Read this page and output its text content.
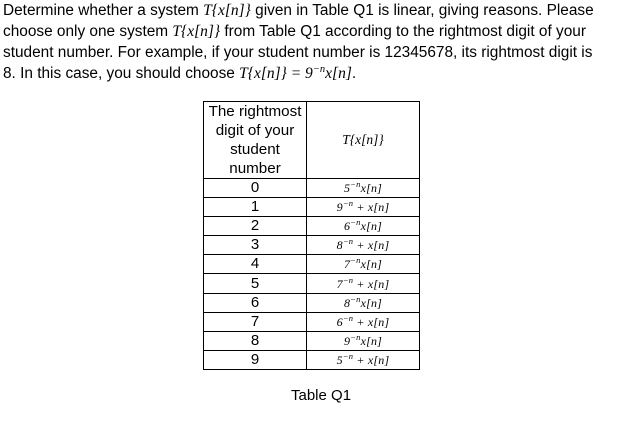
Determine whether a system T{x[n]} given in Table Q1 is linear, giving reasons. Please
choose only one system T{x[n]} from Table Q1 according to the rightmost digit of your
student number. For example, if your student number is 12345678, its rightmost digit is
8. In this case, you should choose $T\{x[n]\} = 9^{-n}x[n]$.
The rightmost digit of your student number	T{x[n]}
0	$5^{-n}x[n]$
1	$9^{-n} + x[n]$
2	$6^{-n}x[n]$
3	$8^{-n} + x[n]$
4	$7^{-n}x[n]$
5	$7^{-n} + x[n]$
6	$8^{-n}x[n]$
7	$6^{-n} + x[n]$
8	$9^{-n}x[n]$
9	$5^{-n} + x[n]$
Table Q1
